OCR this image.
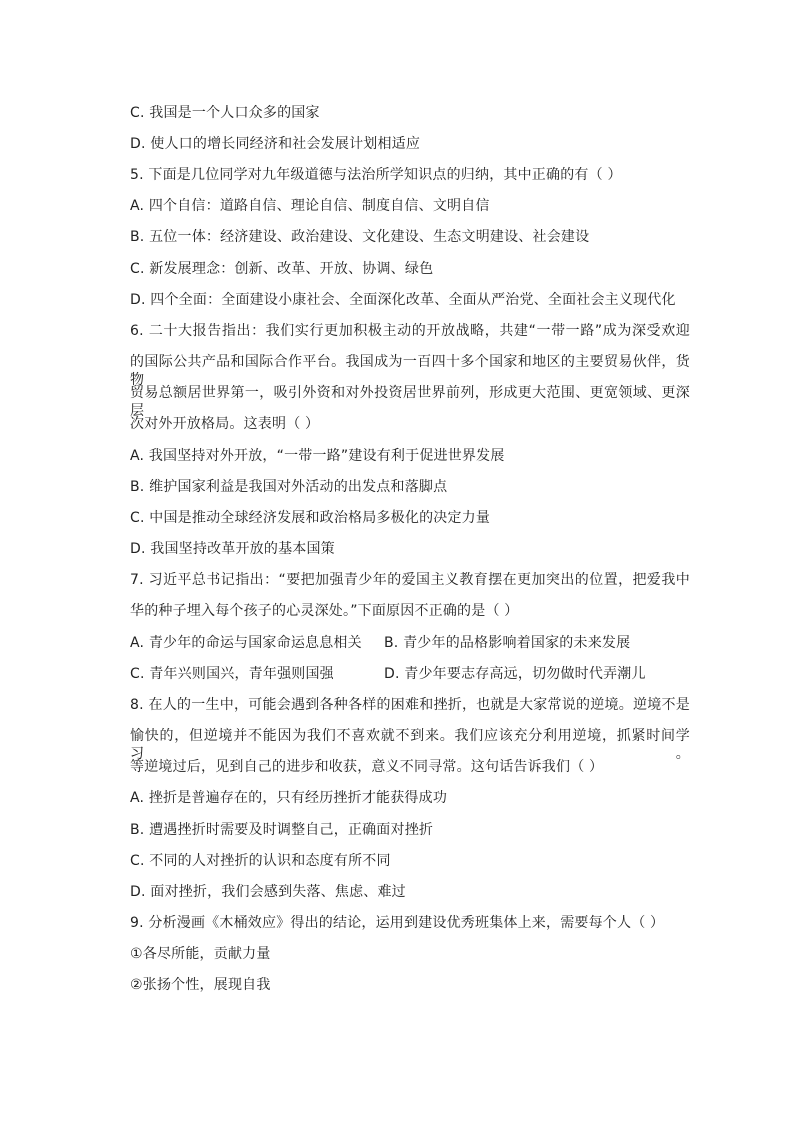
C. 我国是一个人口众多的国家
D. 使人口的增长同经济和社会发展计划相适应
5. 下面是几位同学对九年级道德与法治所学知识点的归纳，其中正确的有（ ）
A. 四个自信：道路自信、理论自信、制度自信、文明自信
B. 五位一体：经济建设、政治建设、文化建设、生态文明建设、社会建设
C. 新发展理念：创新、改革、开放、协调、绿色
D. 四个全面：全面建设小康社会、全面深化改革、全面从严治党、全面社会主义现代化
6. 二十大报告指出：我们实行更加积极主动的开放战略，共建“一带一路”成为深受欢迎
的国际公共产品和国际合作平台。我国成为一百四十多个国家和地区的主要贸易伙伴，货物
贸易总额居世界第一，吸引外资和对外投资居世界前列，形成更大范围、更宽领域、更深层
次对外开放格局。这表明（ ）
A. 我国坚持对外开放，“一带一路”建设有利于促进世界发展
B. 维护国家利益是我国对外活动的出发点和落脚点
C. 中国是推动全球经济发展和政治格局多极化的决定力量
D. 我国坚持改革开放的基本国策
7. 习近平总书记指出：“要把加强青少年的爱国主义教育摆在更加突出的位置，把爱我中
华的种子埋入每个孩子的心灵深处。”下面原因不正确的是（ ）
A. 青少年的命运与国家命运息息相关 B. 青少年的品格影响着国家的未来发展
C. 青年兴则国兴，青年强则国强	D. 青少年要志存高远，切勿做时代弄潮儿
8. 在人的一生中，可能会遇到各种各样的困难和挫折，也就是大家常说的逆境。逆境不是
愉快的，但逆境并不能因为我们不喜欢就不到来。我们应该充分利用逆境，抓紧时间学习。
等逆境过后，见到自己的进步和收获，意义不同寻常。这句话告诉我们（ ）
A. 挫折是普遍存在的，只有经历挫折才能获得成功
B. 遭遇挫折时需要及时调整自己，正确面对挫折
C. 不同的人对挫折的认识和态度有所不同
D. 面对挫折，我们会感到失落、焦虑、难过
9. 分析漫画《木桶效应》得出的结论，运用到建设优秀班集体上来，需要每个人（ ）
①各尽所能，贡献力量
②张扬个性，展现自我
